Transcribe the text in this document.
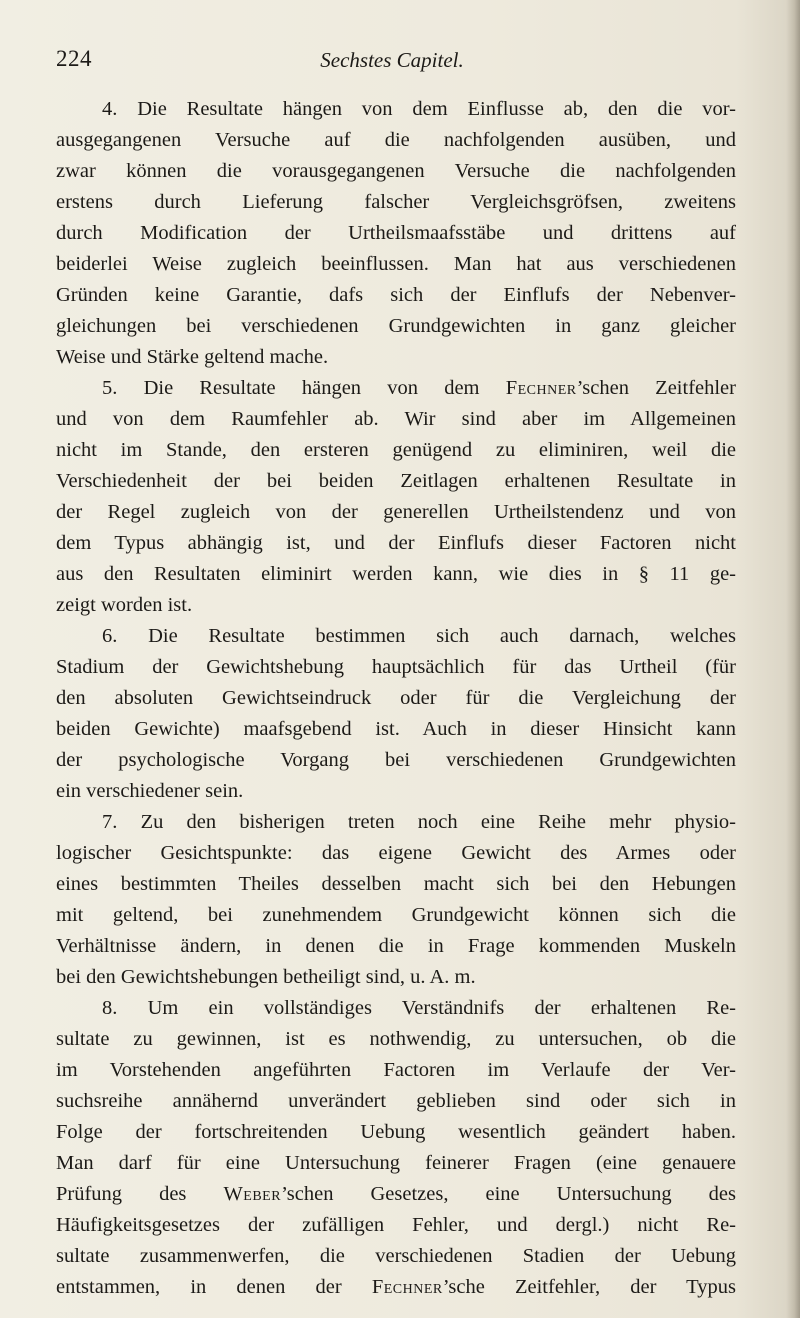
224	Sechstes Capitel.
4. Die Resultate hängen von dem Einflusse ab, den die vor-
ausgegangenen Versuche auf die nachfolgenden ausüben, und
zwar können die vorausgegangenen Versuche die nachfolgenden
erstens durch Lieferung falscher Vergleichsgröfsen, zweitens
durch Modification der Urtheilsmaafsstäbe und drittens auf
beiderlei Weise zugleich beeinflussen. Man hat aus verschiedenen
Gründen keine Garantie, dafs sich der Einflufs der Nebenver-
gleichungen bei verschiedenen Grundgewichten in ganz gleicher
Weise und Stärke geltend mache.
5. Die Resultate hängen von dem Fechner’schen Zeitfehler
und von dem Raumfehler ab. Wir sind aber im Allgemeinen
nicht im Stande, den ersteren genügend zu eliminiren, weil die
Verschiedenheit der bei beiden Zeitlagen erhaltenen Resultate in
der Regel zugleich von der generellen Urtheilstendenz und von
dem Typus abhängig ist, und der Einflufs dieser Factoren nicht
aus den Resultaten eliminirt werden kann, wie dies in § 11 ge-
zeigt worden ist.
6. Die Resultate bestimmen sich auch darnach, welches
Stadium der Gewichtshebung hauptsächlich für das Urtheil (für
den absoluten Gewichtseindruck oder für die Vergleichung der
beiden Gewichte) maafsgebend ist. Auch in dieser Hinsicht kann
der psychologische Vorgang bei verschiedenen Grundgewichten
ein verschiedener sein.
7. Zu den bisherigen treten noch eine Reihe mehr physio-
logischer Gesichtspunkte: das eigene Gewicht des Armes oder
eines bestimmten Theiles desselben macht sich bei den Hebungen
mit geltend, bei zunehmendem Grundgewicht können sich die
Verhältnisse ändern, in denen die in Frage kommenden Muskeln
bei den Gewichtshebungen betheiligt sind, u. A. m.
8. Um ein vollständiges Verständnifs der erhaltenen Re-
sultate zu gewinnen, ist es nothwendig, zu untersuchen, ob die
im Vorstehenden angeführten Factoren im Verlaufe der Ver-
suchsreihe annähernd unverändert geblieben sind oder sich in
Folge der fortschreitenden Uebung wesentlich geändert haben.
Man darf für eine Untersuchung feinerer Fragen (eine genauere
Prüfung des Weber’schen Gesetzes, eine Untersuchung des
Häufigkeitsgesetzes der zufälligen Fehler, und dergl.) nicht Re-
sultate zusammenwerfen, die verschiedenen Stadien der Uebung
entstammen, in denen der Fechner’sche Zeitfehler, der Typus
